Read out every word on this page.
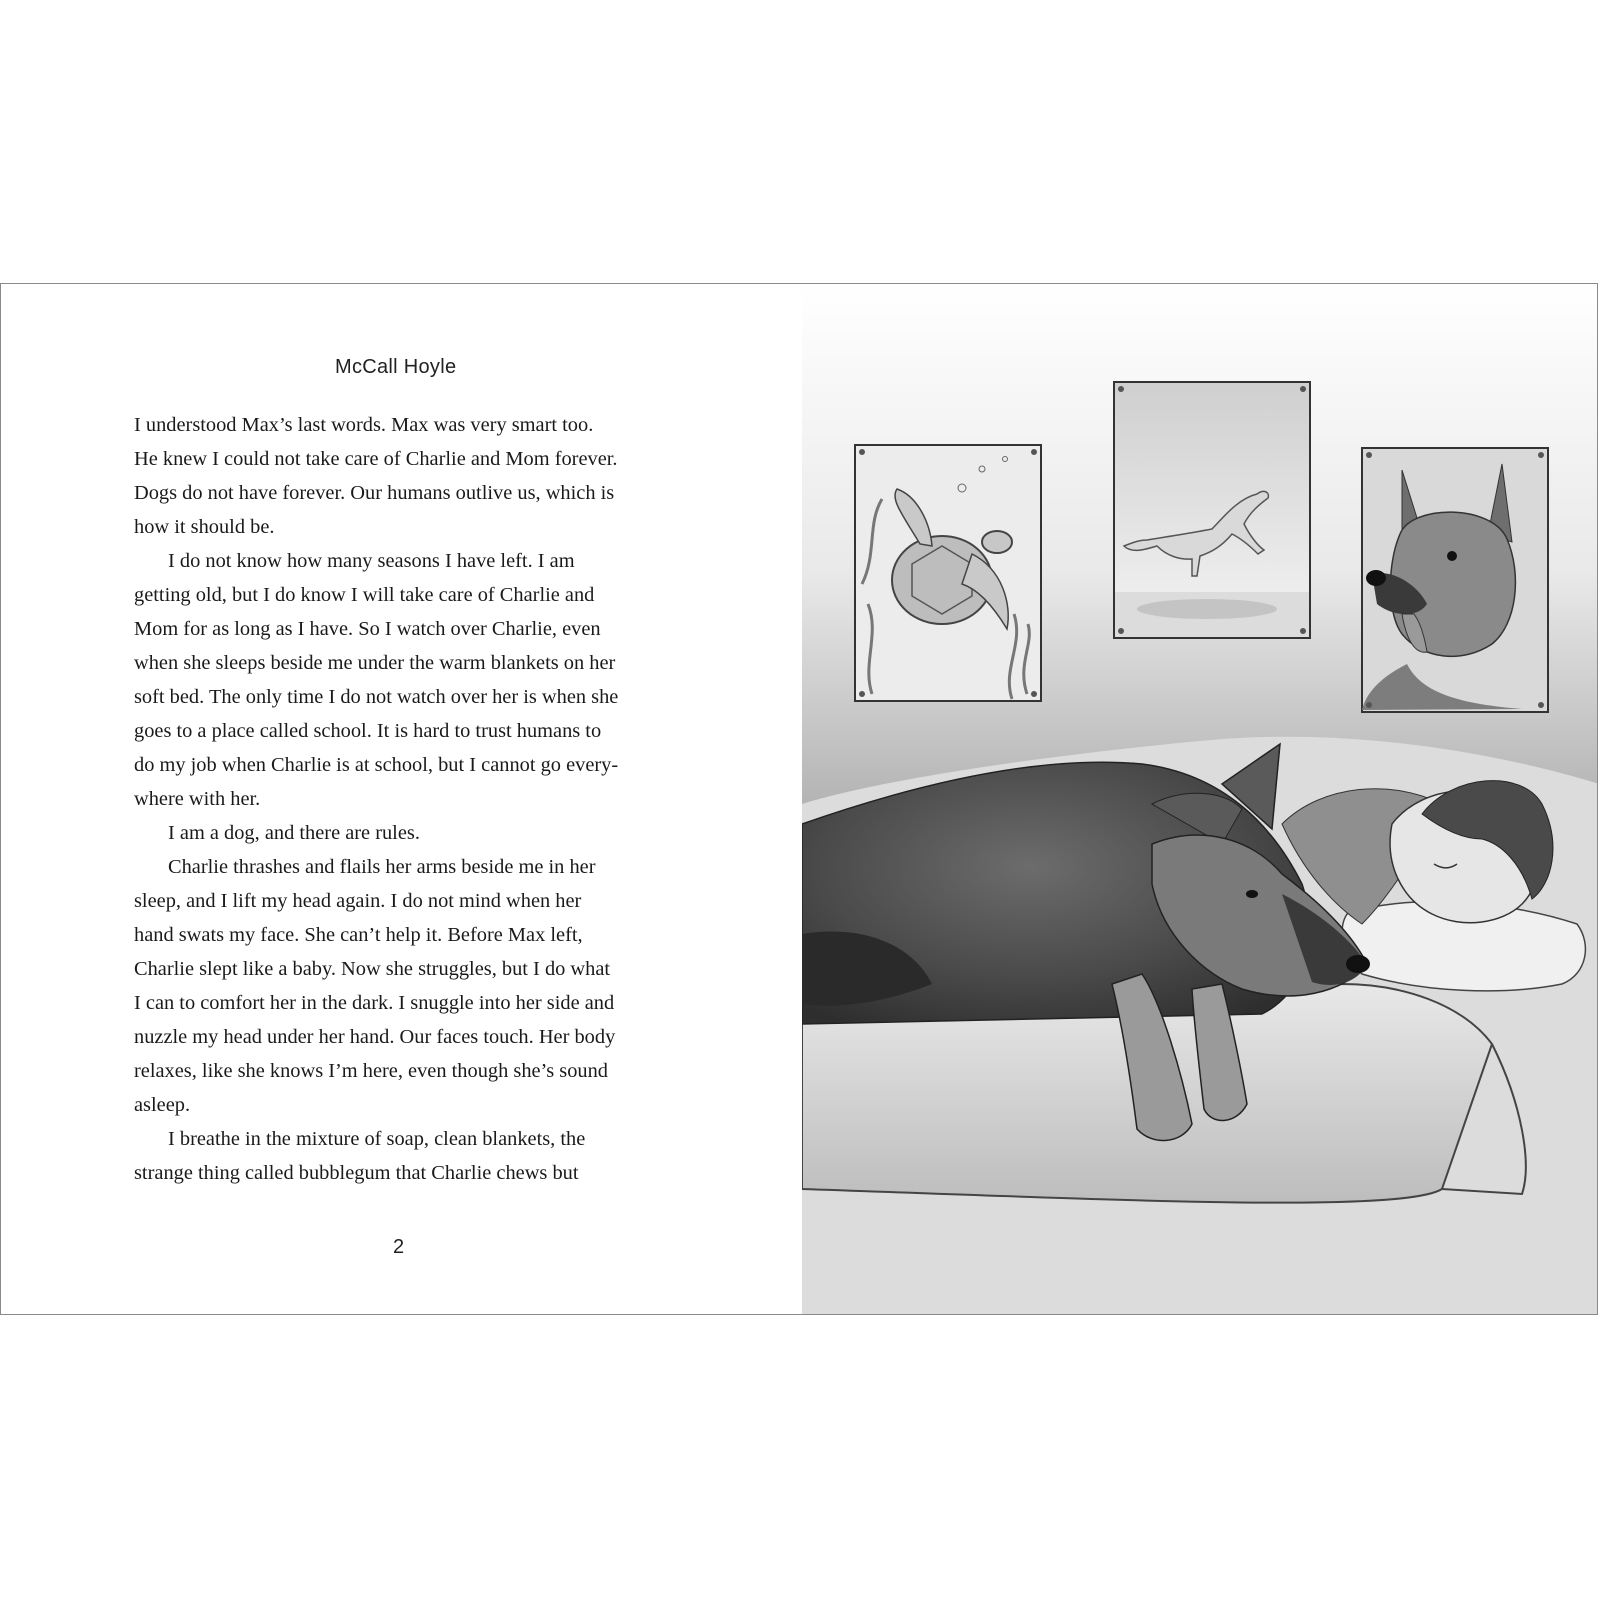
McCall Hoyle
I understood Max’s last words. Max was very smart too.
He knew I could not take care of Charlie and Mom forever.
Dogs do not have forever. Our humans outlive us, which is
how it should be.
I do not know how many seasons I have left. I am
getting old, but I do know I will take care of Charlie and
Mom for as long as I have. So I watch over Charlie, even
when she sleeps beside me under the warm blankets on her
soft bed. The only time I do not watch over her is when she
goes to a place called school. It is hard to trust humans to
do my job when Charlie is at school, but I cannot go every-
where with her.
I am a dog, and there are rules.
Charlie thrashes and flails her arms beside me in her
sleep, and I lift my head again. I do not mind when her
hand swats my face. She can’t help it. Before Max left,
Charlie slept like a baby. Now she struggles, but I do what
I can to comfort her in the dark. I snuggle into her side and
nuzzle my head under her hand. Our faces touch. Her body
relaxes, like she knows I’m here, even though she’s sound
asleep.
I breathe in the mixture of soap, clean blankets, the
strange thing called bubblegum that Charlie chews but
2
